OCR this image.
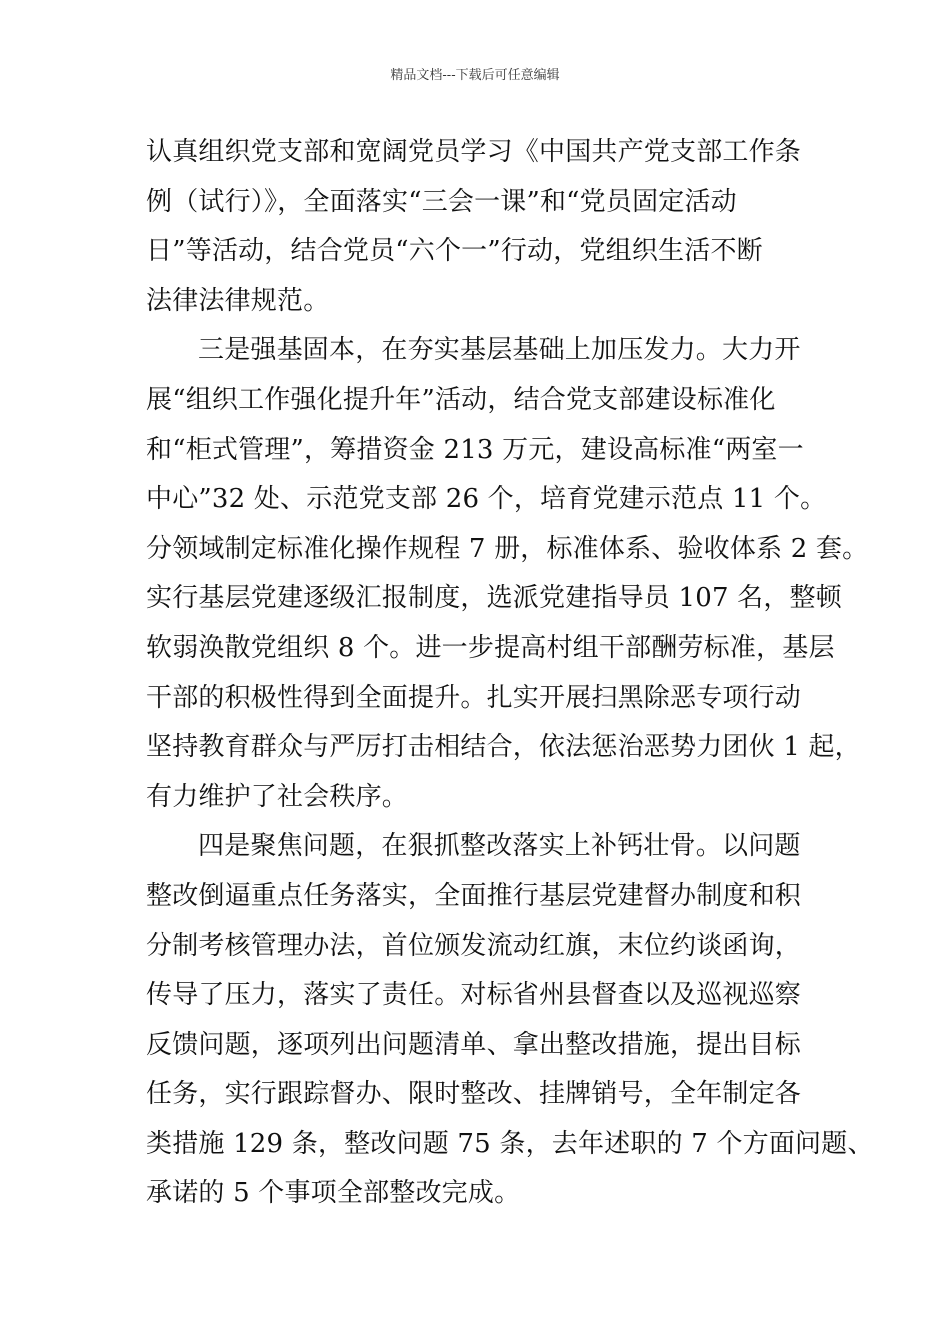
精品文档---下载后可任意编辑
认真组织党支部和宽阔党员学习《中国共产党支部工作条
例（试行）》，全面落实“三会一课”和“党员固定活动
日”等活动，结合党员“六个一”行动，党组织生活不断
法律法律规范。
三是强基固本，在夯实基层基础上加压发力。大力开
展“组织工作强化提升年”活动，结合党支部建设标准化
和“柜式管理”，筹措资金 213 万元，建设高标准“两室一
中心”32 处、示范党支部 26 个，培育党建示范点 11 个。
分领域制定标准化操作规程 7 册，标准体系、验收体系 2 套。
实行基层党建逐级汇报制度，选派党建指导员 107 名，整顿
软弱涣散党组织 8 个。进一步提高村组干部酬劳标准，基层
干部的积极性得到全面提升。扎实开展扫黑除恶专项行动
坚持教育群众与严厉打击相结合，依法惩治恶势力团伙 1 起，
有力维护了社会秩序。
四是聚焦问题，在狠抓整改落实上补钙壮骨。以问题
整改倒逼重点任务落实，全面推行基层党建督办制度和积
分制考核管理办法，首位颁发流动红旗，末位约谈函询，
传导了压力，落实了责任。对标省州县督查以及巡视巡察
反馈问题，逐项列出问题清单、拿出整改措施，提出目标
任务，实行跟踪督办、限时整改、挂牌销号，全年制定各
类措施 129 条，整改问题 75 条，去年述职的 7 个方面问题、
承诺的 5 个事项全部整改完成。
